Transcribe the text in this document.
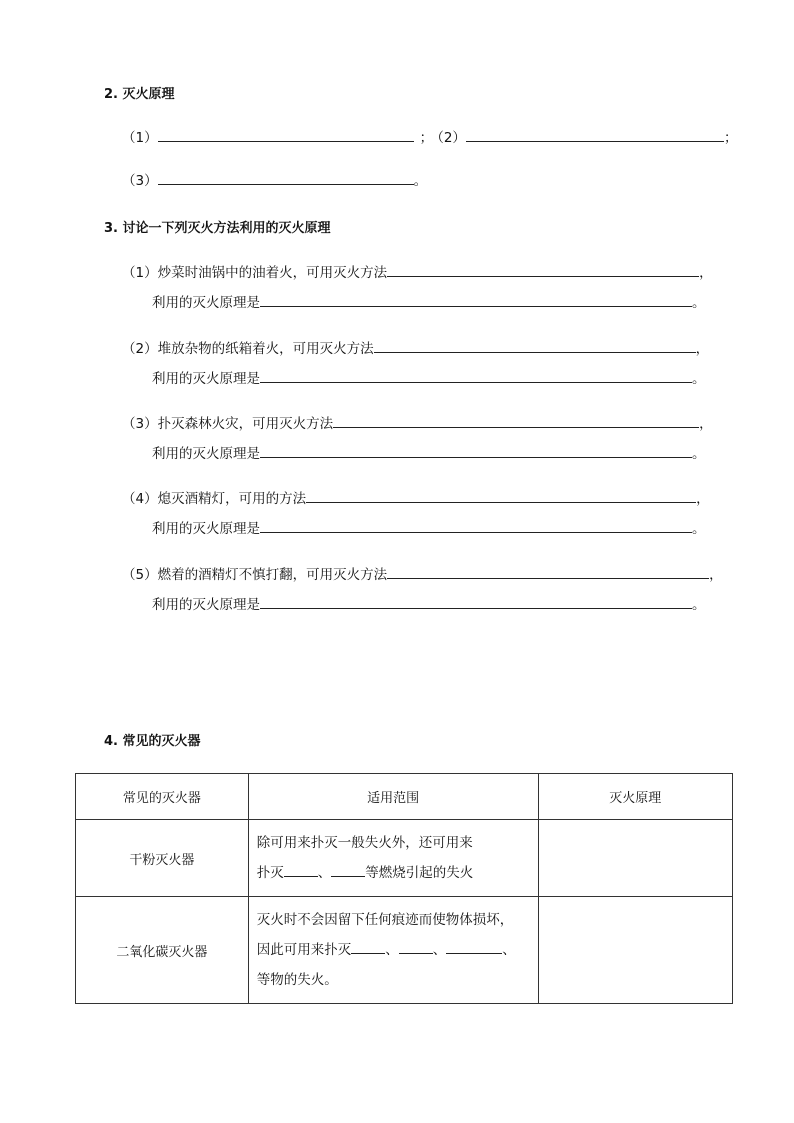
2. 灭火原理
（1）	； （2）	；
（3）	。
3. 讨论一下列灭火方法利用的灭火原理
（1）炒菜时油锅中的油着火，可用灭火方法	，
利用的灭火原理是	。
（2）堆放杂物的纸箱着火，可用灭火方法	，
利用的灭火原理是	。
（3）扑灭森林火灾，可用灭火方法	，
利用的灭火原理是	。
（4）熄灭酒精灯，可用的方法	，
利用的灭火原理是	。
（5）燃着的酒精灯不慎打翻，可用灭火方法	，
利用的灭火原理是	。
4. 常见的灭火器
常见的灭火器	适用范围	灭火原理
干粉灭火器	除可用来扑灭一般失火外，还可用来
扑灭 、 等燃烧引起的失火	

二氧化碳灭火器	灭火时不会因留下任何痕迹而使物体损坏，
因此可用来扑灭 、 、 、
等物的失火。	
